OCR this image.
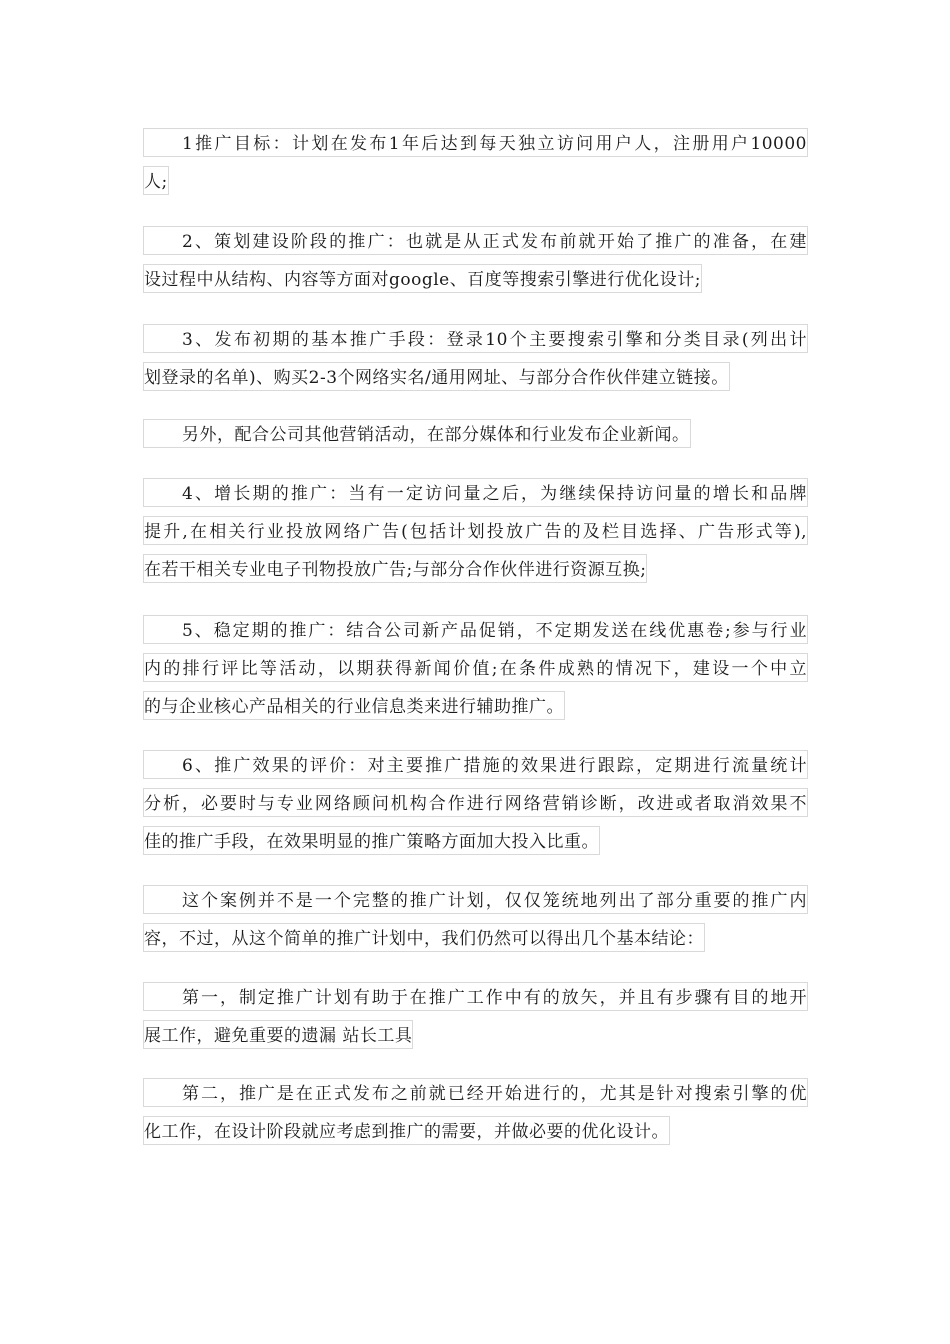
1推广目标：计划在发布1年后达到每天独立访问用户人，注册用户10000
人;
2、策划建设阶段的推广：也就是从正式发布前就开始了推广的准备，在建
设过程中从结构、内容等方面对google、百度等搜索引擎进行优化设计;
3、发布初期的基本推广手段：登录10个主要搜索引擎和分类目录(列出计
划登录的名单)、购买2-3个网络实名/通用网址、与部分合作伙伴建立链接。
另外，配合公司其他营销活动，在部分媒体和行业发布企业新闻。
4、增长期的推广：当有一定访问量之后，为继续保持访问量的增长和品牌
提升,在相关行业投放网络广告(包括计划投放广告的及栏目选择、广告形式等),
在若干相关专业电子刊物投放广告;与部分合作伙伴进行资源互换;
5、稳定期的推广：结合公司新产品促销，不定期发送在线优惠卷;参与行业
内的排行评比等活动，以期获得新闻价值;在条件成熟的情况下，建设一个中立
的与企业核心产品相关的行业信息类来进行辅助推广。
6、推广效果的评价：对主要推广措施的效果进行跟踪，定期进行流量统计
分析，必要时与专业网络顾问机构合作进行网络营销诊断，改进或者取消效果不
佳的推广手段，在效果明显的推广策略方面加大投入比重。
这个案例并不是一个完整的推广计划，仅仅笼统地列出了部分重要的推广内
容，不过，从这个简单的推广计划中，我们仍然可以得出几个基本结论：
第一，制定推广计划有助于在推广工作中有的放矢，并且有步骤有目的地开
展工作，避免重要的遗漏 站长工具
第二，推广是在正式发布之前就已经开始进行的，尤其是针对搜索引擎的优
化工作，在设计阶段就应考虑到推广的需要，并做必要的优化设计。
